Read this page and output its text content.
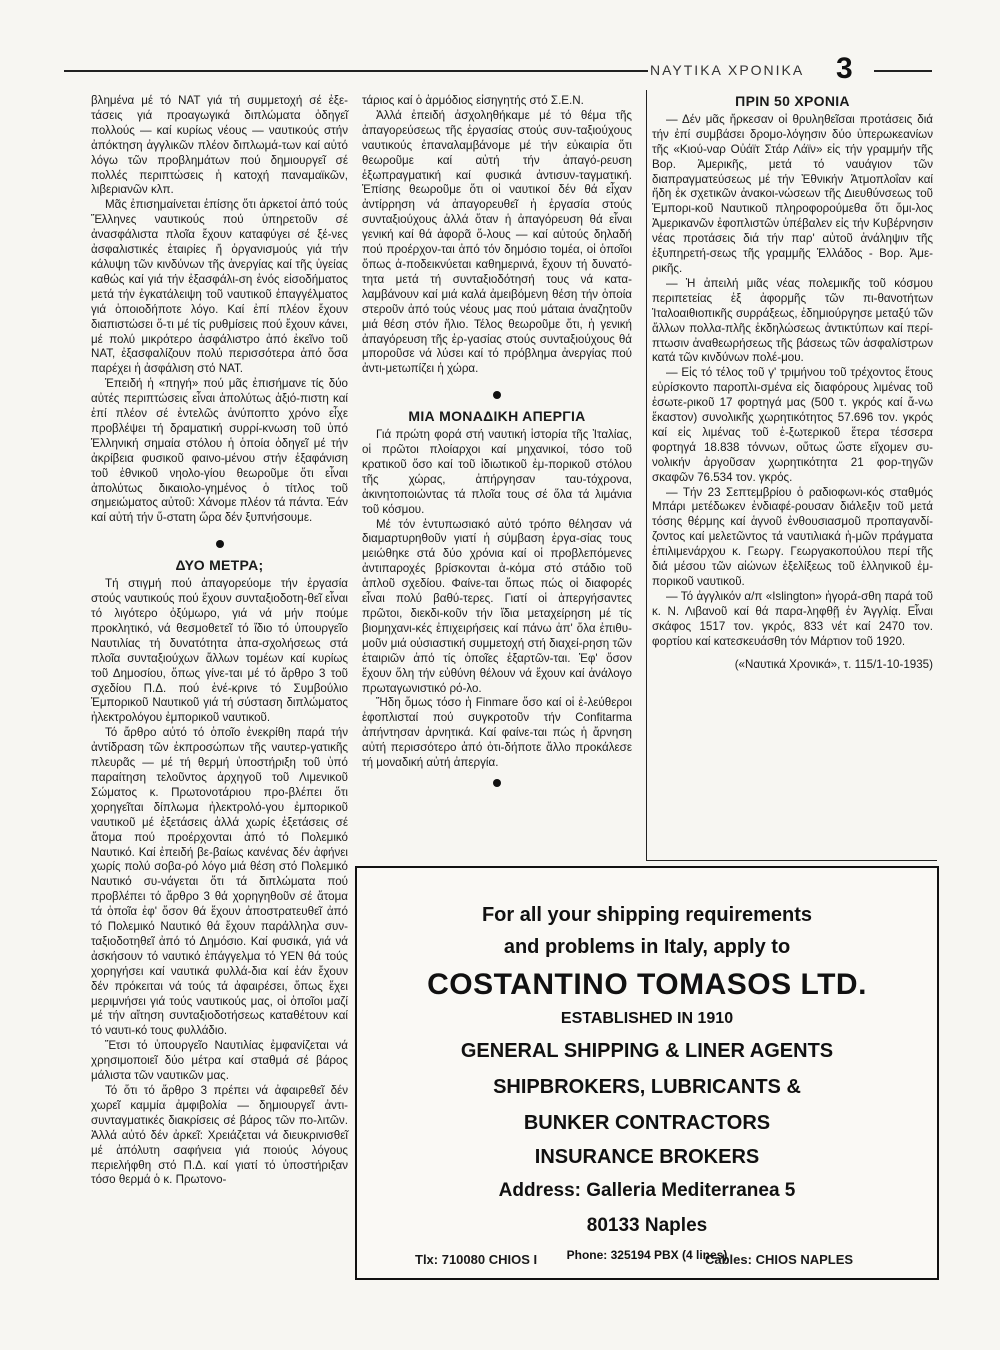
ΝΑΥΤΙΚΑ ΧΡΟΝΙΚΑ 3

βλημένα μέ τό ΝΑΤ γιά τή συμμετοχή σέ ἐξε-τάσεις γιά προαγωγικά διπλώματα ὁδηγεῖ πολλούς — καί κυρίως νέους — ναυτικούς στήν ἀπόκτηση ἀγγλικῶν πλέον διπλωμά-των καί αὐτό λόγω τῶν προβλημάτων πού δημιουργεῖ σέ πολλές περιπτώσεις ἡ κατοχή παναμαϊκῶν, λιβεριανῶν κλπ.

Μᾶς ἐπισημαίνεται ἐπίσης ὅτι ἀρκετοί ἀπό τούς Ἕλληνες ναυτικούς πού ὑπηρετοῦν σέ ἀνασφάλιστα πλοῖα ἔχουν καταφύγει σέ ξέ-νες ἀσφαλιστικές ἑταιρίες ἤ ὀργανισμούς γιά τήν κάλυψη τῶν κινδύνων τῆς ἀνεργίας καί τῆς ὑγείας καθώς καί γιά τήν ἐξασφάλι-ση ἑνός εἰσοδήματος μετά τήν ἐγκατάλειψη τοῦ ναυτικοῦ ἐπαγγέλματος γιά ὁποιοδήποτε λόγο. Καί ἐπί πλέον ἔχουν διαπιστώσει ὅ-τι μέ τίς ρυθμίσεις πού ἔχουν κάνει, μέ πολύ μικρότερο ἀσφάλιστρο ἀπό ἐκεῖνο τοῦ ΝΑΤ, ἐξασφαλίζουν πολύ περισσότερα ἀπό ὅσα παρέχει ἡ ἀσφάλιση στό ΝΑΤ.

Ἐπειδή ἡ «πηγή» πού μᾶς ἐπισήμανε τίς δύο αὐτές περιπτώσεις εἶναι ἀπολύτως ἀξιό-πιστη καί ἐπί πλέον σέ ἐντελῶς ἀνύποπτο χρόνο εἶχε προβλέψει τή δραματική συρρί-κνωση τοῦ ὑπό Ἑλληνική σημαία στόλου ἡ ὁποία ὁδηγεῖ μέ τήν ἀκρίβεια φυσικοῦ φαινο-μένου στήν ἐξαφάνιση τοῦ ἐθνικοῦ νηολο-γίου θεωροῦμε ὅτι εἶναι ἀπολύτως δικαιολο-γημένος ὁ τίτλος τοῦ σημειώματος αὐτοῦ: Χάνομε πλέον τά πάντα. Ἐάν καί αὐτή τήν ὕ-στατη ὥρα δέν ξυπνήσουμε.

ΔΥΟ ΜΕΤΡΑ;

Τή στιγμή πού ἀπαγορεύομε τήν ἐργασία στούς ναυτικούς πού ἔχουν συνταξιοδοτη-θεῖ εἶναι τό λιγότερο ὀξύμωρο, γιά νά μήν πούμε προκλητικό, νά θεσμοθετεῖ τό ἴδιο τό ὑπουργεῖο Ναυτιλίας τή δυνατότητα ἀπα-σχολήσεως στά πλοῖα συνταξιούχων ἄλλων τομέων καί κυρίως τοῦ Δημοσίου, ὅπως γίνε-ται μέ τό ἄρθρο 3 τοῦ σχεδίου Π.Δ. πού ἐνέ-κρινε τό Συμβούλιο Ἐμπορικοῦ Ναυτικοῦ γιά τή σύσταση διπλώματος ἠλεκτρολόγου ἐμπορικοῦ ναυτικοῦ.

Τό ἄρθρο αὐτό τό ὁποῖο ἐνεκρίθη παρά τήν ἀντίδραση τῶν ἐκπροσώπων τῆς ναυτερ-γατικῆς πλευρᾶς — μέ τή θερμή ὑποστήριξη τοῦ ὑπό παραίτηση τελοῦντος ἀρχηγοῦ τοῦ Λιμενικοῦ Σώματος κ. Πρωτονοτάριου προ-βλέπει ὅτι χορηγεῖται δίπλωμα ἠλεκτρολό-γου ἐμπορικοῦ ναυτικοῦ μέ ἐξετάσεις ἀλλά χωρίς ἐξετάσεις σέ ἄτομα πού προέρχονται ἀπό τό Πολεμικό Ναυτικό. Καί ἐπειδή βε-βαίως κανένας δέν ἀφήνει χωρίς πολύ σοβα-ρό λόγο μιά θέση στό Πολεμικό Ναυτικό συ-νάγεται ὅτι τά διπλώματα πού προβλέπει τό ἄρθρο 3 θά χορηγηθοῦν σέ ἄτομα τά ὁποῖα ἐφ' ὅσον θά ἔχουν ἀποστρατευθεῖ ἀπό τό Πολεμικό Ναυτικό θά ἔχουν παράλληλα συν-ταξιοδοτηθεῖ ἀπό τό Δημόσιο. Καί φυσικά, γιά νά ἀσκήσουν τό ναυτικό ἐπάγγελμα τό ΥΕΝ θά τούς χορηγήσει καί ναυτικά φυλλά-δια καί ἐάν ἔχουν δέν πρόκειται νά τούς τά ἀφαιρέσει, ὅπως ἔχει μεριμνήσει γιά τούς ναυτικούς μας, οἱ ὁποῖοι μαζί μέ τήν αἴτηση συνταξιοδοτήσεως καταθέτουν καί τό ναυτι-κό τους φυλλάδιο.

Ἔτσι τό ὑπουργεῖο Ναυτιλίας ἐμφανίζεται νά χρησιμοποιεῖ δύο μέτρα καί σταθμά σέ βάρος μάλιστα τῶν ναυτικῶν μας.

Τό ὅτι τό ἄρθρο 3 πρέπει νά ἀφαιρεθεῖ δέν χωρεῖ καμμία ἀμφιβολία — δημιουργεῖ ἀντι-συνταγματικές διακρίσεις σέ βάρος τῶν πο-λιτῶν. Ἀλλά αὐτό δέν ἀρκεῖ: Χρειάζεται νά διευκρινισθεῖ μέ ἀπόλυτη σαφήνεια γιά ποιούς λόγους περιελήφθη στό Π.Δ. καί γιατί τό ὑποστήριξαν τόσο θερμά ὁ κ. Πρωτονο-

τάριος καί ὁ ἁρμόδιος εἰσηγητής στό Σ.Ε.Ν.

Ἀλλά ἐπειδή ἀσχοληθήκαμε μέ τό θέμα τῆς ἀπαγορεύσεως τῆς ἐργασίας στούς συν-ταξιούχους ναυτικούς ἐπαναλαμβάνομε μέ τήν εὐκαιρία ὅτι θεωροῦμε καί αὐτή τήν ἀπαγό-ρευση ἐξωπραγματική καί φυσικά ἀντισυν-ταγματική. Ἐπίσης θεωροῦμε ὅτι οἱ ναυτικοί δέν θά εἶχαν ἀντίρρηση νά ἀπαγορευθεῖ ἡ ἐργασία στούς συνταξιούχους ἀλλά ὅταν ἡ ἀπαγόρευση θά εἶναι γενική καί θά ἀφορᾶ ὅ-λους — καί αὐτούς δηλαδή πού προέρχον-ται ἀπό τόν δημόσιο τομέα, οἱ ὁποῖοι ὅπως ἀ-ποδεικνύεται καθημερινά, ἔχουν τή δυνατό-τητα μετά τή συνταξιοδότησή τους νά κατα-λαμβάνουν καί μιά καλά ἀμειβόμενη θέση τήν ὁποία στεροῦν ἀπό τούς νέους μας πού μάταια ἀναζητοῦν μιά θέση στόν ἥλιο. Τέλος θεωροῦμε ὅτι, ἡ γενική ἀπαγόρευση τῆς ἐρ-γασίας στούς συνταξιούχους θά μποροῦσε νά λύσει καί τό πρόβλημα ἀνεργίας πού ἀντι-μετωπίζει ἡ χώρα.

ΜΙΑ ΜΟΝΑΔΙΚΗ ΑΠΕΡΓΙΑ

Γιά πρώτη φορά στή ναυτική ἱστορία τῆς Ἰταλίας, οἱ πρῶτοι πλοίαρχοι καί μηχανικοί, τόσο τοῦ κρατικοῦ ὅσο καί τοῦ ἰδιωτικοῦ ἐμ-πορικοῦ στόλου τῆς χώρας, ἀπήργησαν ταυ-τόχρονα, ἀκινητοποιώντας τά πλοῖα τους σέ ὅλα τά λιμάνια τοῦ κόσμου.

Μέ τόν ἐντυπωσιακό αὐτό τρόπο θέλησαν νά διαμαρτυρηθοῦν γιατί ἡ σύμβαση ἐργα-σίας τους μειώθηκε στά δύο χρόνια καί οἱ προβλεπόμενες ἀντιπαροχές βρίσκονται ἀ-κόμα στό στάδιο τοῦ ἁπλοῦ σχεδίου. Φαίνε-ται ὅπως πώς οἱ διαφορές εἶναι πολύ βαθύ-τερες. Γιατί οἱ ἀπεργήσαντες πρῶτοι, διεκδι-κοῦν τήν ἴδια μεταχείρηση μέ τίς βιομηχανι-κές ἐπιχειρήσεις καί πάνω ἀπ' ὅλα ἐπιθυ-μοῦν μιά οὐσιαστική συμμετοχή στή διαχεί-ρηση τῶν ἑταιριῶν ἀπό τίς ὁποῖες ἐξαρτῶν-ται. Ἐφ' ὅσον ἔχουν ὅλη τήν εὐθύνη θέλουν νά ἔχουν καί ἀνάλογο πρωταγωνιστικό ρό-λο.

Ἤδη ὅμως τόσο ἡ Finmare ὅσο καί οἱ ἐ-λεύθεροι ἐφοπλισταί πού συγκροτοῦν τήν Confitarma ἀπήντησαν ἀρνητικά. Καί φαίνε-ται πώς ἡ ἄρνηση αὐτή περισσότερο ἀπό ὁτι-δήποτε ἄλλο προκάλεσε τή μοναδική αὐτή ἀπεργία.

ΠΡΙΝ 50 ΧΡΟΝΙΑ

— Δέν μᾶς ἤρκεσαν οἱ θρυληθεῖσαι προτάσεις διά τήν ἐπί συμβάσει δρομο-λόγησιν δύο ὑπερωκεανίων τῆς «Κιού-ναρ Οὐάϊτ Στάρ Λάϊν» εἰς τήν γραμμήν τῆς Βορ. Ἀμερικῆς, μετά τό ναυάγιον τῶν διαπραγματεύσεως μέ τήν Ἐθνικήν Ἀτμοπλοΐαν καί ἤδη ἐκ σχετικῶν ἀνακοι-νώσεων τῆς Διευθύνσεως τοῦ Ἐμπορι-κοῦ Ναυτικοῦ πληροφορούμεθα ὅτι ὅμι-λος Ἀμερικανῶν ἐφοπλιστῶν ὑπέβαλεν εἰς τήν Κυβέρνησιν νέας προτάσεις διά τήν παρ' αὐτοῦ ἀνάληψιν τῆς ἐξυπηρετή-σεως τῆς γραμμῆς Ἑλλάδος - Βορ. Ἀμε-ρικῆς.

— Ἡ ἀπειλή μιᾶς νέας πολεμικῆς τοῦ κόσμου περιπετείας ἐξ ἀφορμῆς τῶν πι-θανοτήτων Ἰταλοαιθιοπικῆς συρράξεως, ἐδημιούργησε μεταξύ τῶν ἄλλων πολλα-πλῆς ἐκδηλώσεως ἀντικτύπων καί περί-πτωσιν ἀναθεωρήσεως τῆς βάσεως τῶν ἀσφαλίστρων κατά τῶν κινδύνων πολέ-μου.

— Εἰς τό τέλος τοῦ γ' τριμήνου τοῦ τρέχοντος ἔτους εὑρίσκοντο παροπλι-σμένα εἰς διαφόρους λιμένας τοῦ ἐσωτε-ρικοῦ 17 φορτηγά μας (500 τ. γκρός καί ἄ-νω ἕκαστον) συνολικῆς χωρητικότητος 57.696 τον. γκρός καί εἰς λιμένας τοῦ ἐ-ξωτερικοῦ ἕτερα τέσσερα φορτηγά 18.838 τόννων, οὕτως ὥστε εἴχομεν συ-νολικήν ἀργοῦσαν χωρητικότητα 21 φορ-τηγῶν σκαφῶν 76.534 τον. γκρός.

— Τήν 23 Σεπτεμβρίου ὁ ραδιοφωνι-κός σταθμός Μπάρι μετέδωκεν ἐνδιαφέ-ρουσαν διάλεξιν τοῦ μετά τόσης θέρμης καί ἁγνοῦ ἐνθουσιασμοῦ προπαγανδί-ζοντος καί μελετῶντος τά ναυτιλιακά ἡ-μῶν πράγματα ἐπιλιμενάρχου κ. Γεωργ. Γεωργακοπούλου περί τῆς διά μέσου τῶν αἰώνων ἐξελίξεως τοῦ ἑλληνικοῦ ἐμ-πορικοῦ ναυτικοῦ.

— Τό ἀγγλικόν α/π «Islington» ἠγορά-σθη παρά τοῦ κ. Ν. Λιβανοῦ καί θά παρα-ληφθῇ ἐν Ἀγγλίᾳ. Εἶναι σκάφος 1517 τον. γκρός, 833 νέτ καί 2470 τον. φορτίου καί κατεσκευάσθη τόν Μάρτιον τοῦ 1920.

(«Ναυτικά Χρονικά», τ. 115/1-10-1935)
For all your shipping requirements
and problems in Italy, apply to
COSTANTINO TOMASOS LTD.
ESTABLISHED IN 1910
GENERAL SHIPPING & LINER AGENTS
SHIPBROKERS, LUBRICANTS &
BUNKER CONTRACTORS
INSURANCE BROKERS
Address: Galleria Mediterranea 5
80133 Naples
Phone: 325194 PBX (4 lines)
Tlx: 710080 CHIOS I	Cables: CHIOS NAPLES
